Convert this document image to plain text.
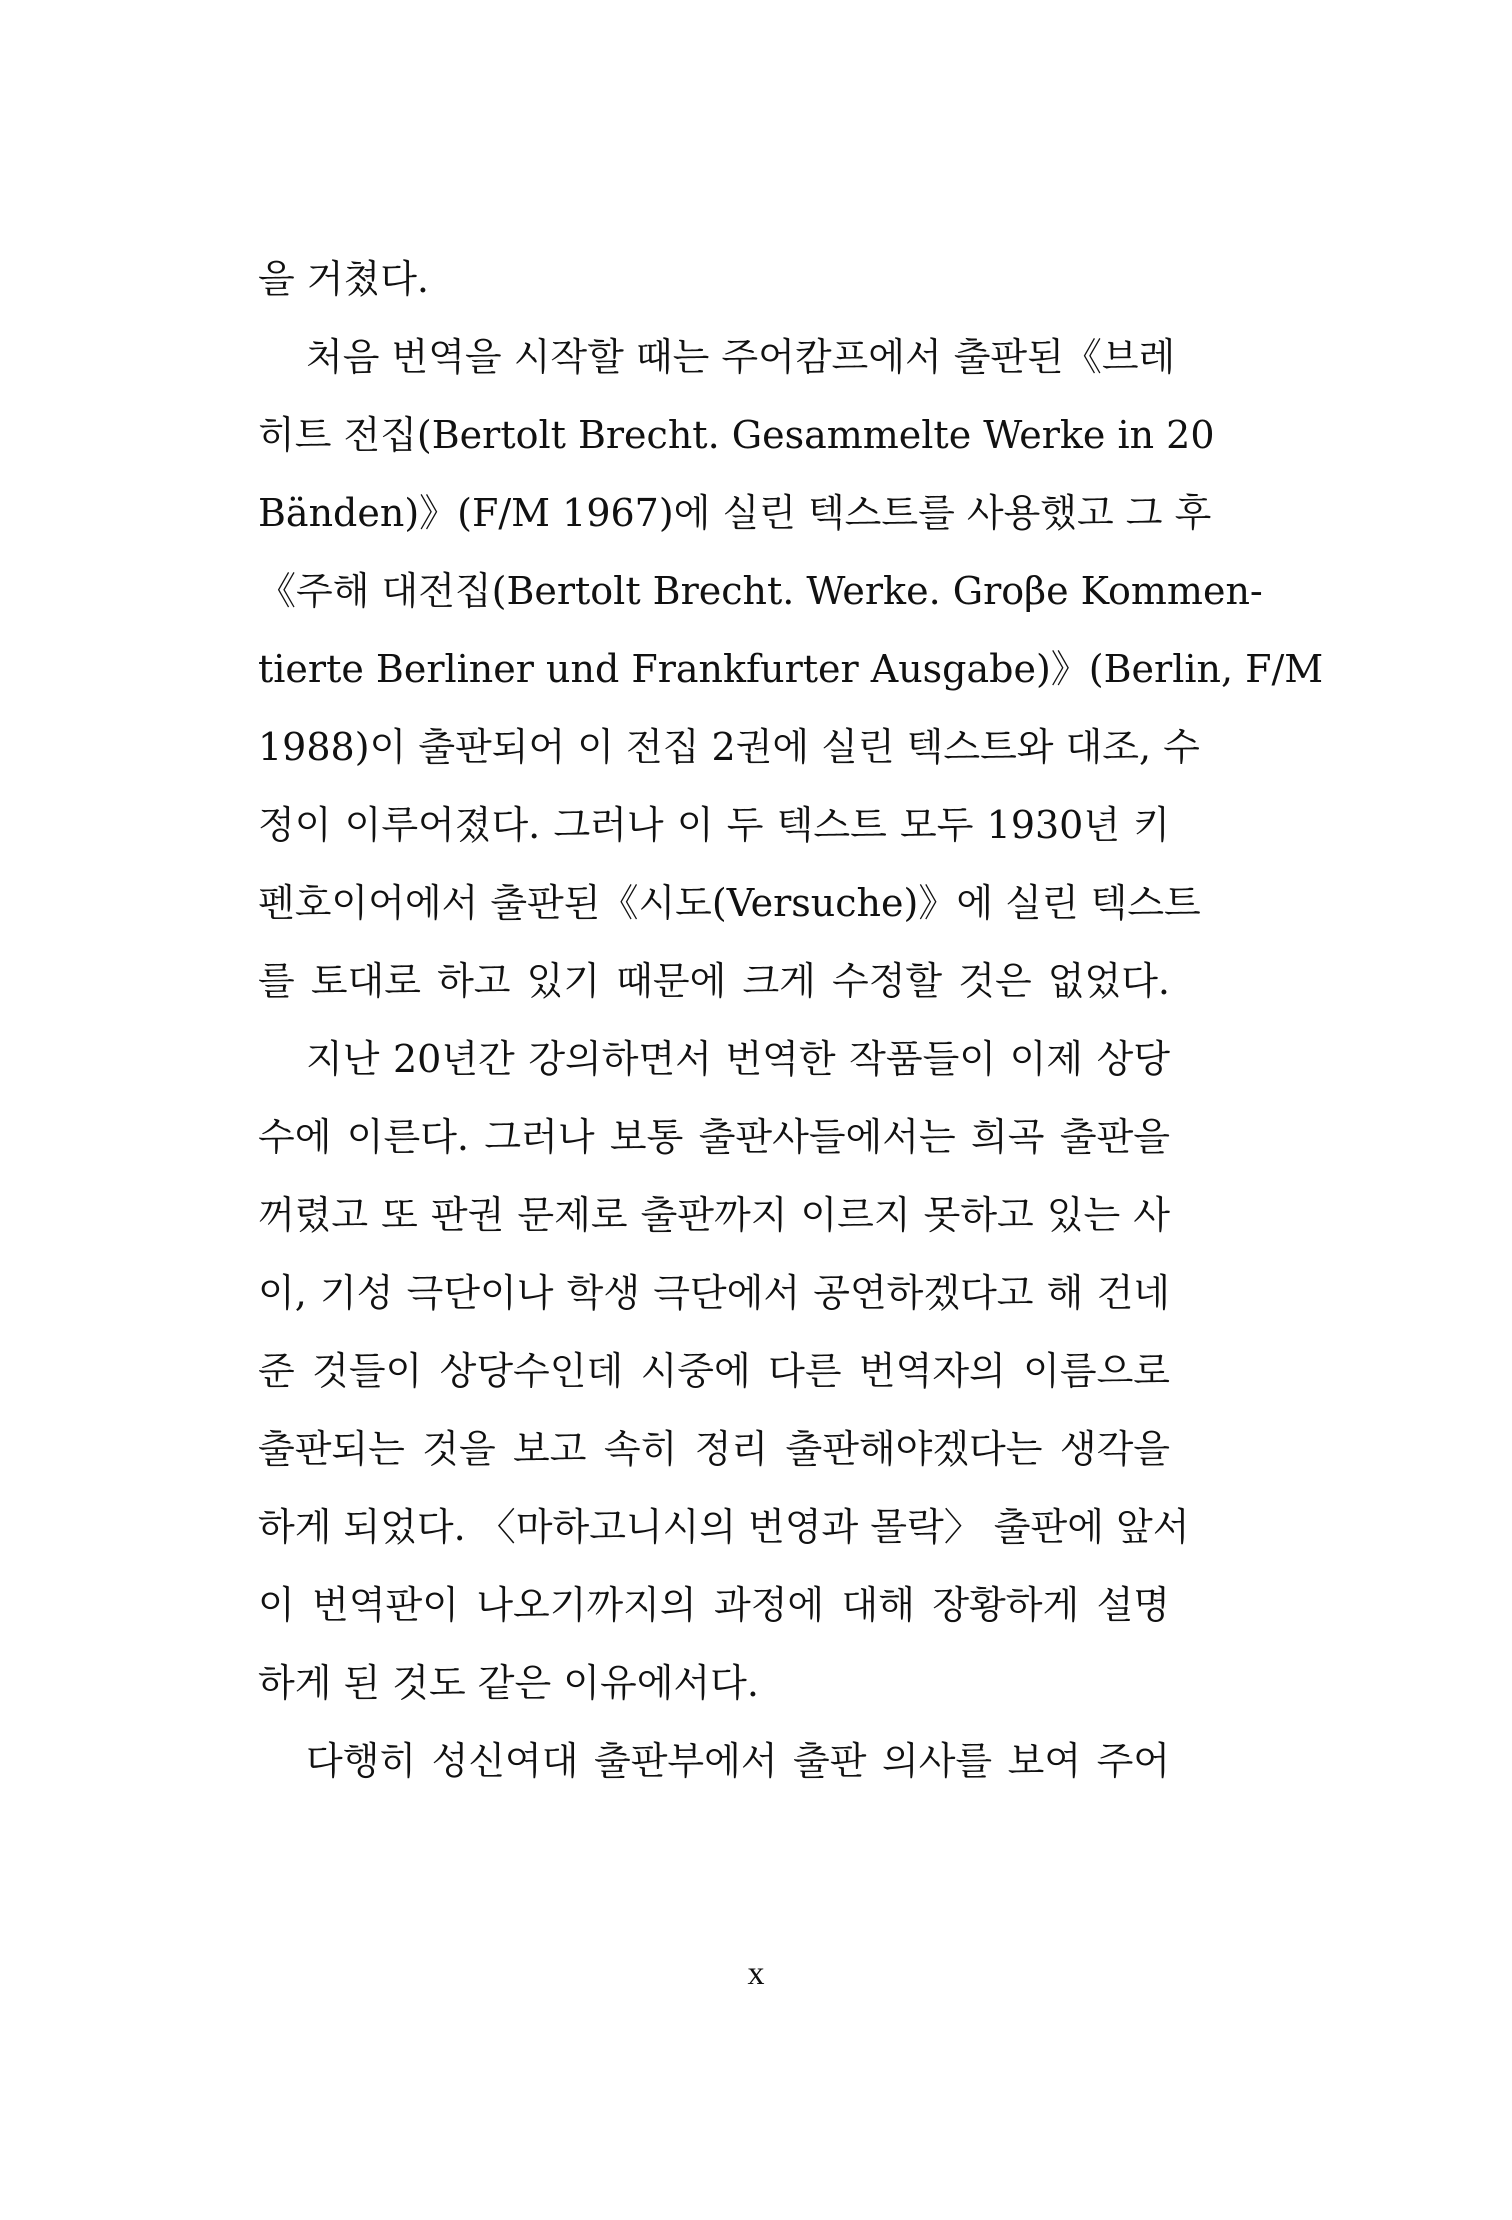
을 거쳤다.
처음 번역을 시작할 때는 주어캄프에서 출판된《브레
히트 전집(Bertolt Brecht. Gesammelte Werke in 20
Bänden)》(F/M 1967)에 실린 텍스트를 사용했고 그 후
《주해 대전집(Bertolt Brecht. Werke. Groβe Kommen-
tierte Berliner und Frankfurter Ausgabe)》(Berlin, F/M
1988)이 출판되어 이 전집 2권에 실린 텍스트와 대조, 수
정이 이루어졌다. 그러나 이 두 텍스트 모두 1930년 키
펜호이어에서 출판된《시도(Versuche)》에 실린 텍스트
를 토대로 하고 있기 때문에 크게 수정할 것은 없었다.
지난 20년간 강의하면서 번역한 작품들이 이제 상당
수에 이른다. 그러나 보통 출판사들에서는 희곡 출판을
꺼렸고 또 판권 문제로 출판까지 이르지 못하고 있는 사
이, 기성 극단이나 학생 극단에서 공연하겠다고 해 건네
준 것들이 상당수인데 시중에 다른 번역자의 이름으로
출판되는 것을 보고 속히 정리 출판해야겠다는 생각을
하게 되었다. 〈마하고니시의 번영과 몰락〉 출판에 앞서
이 번역판이 나오기까지의 과정에 대해 장황하게 설명
하게 된 것도 같은 이유에서다.
다행히 성신여대 출판부에서 출판 의사를 보여 주어
x
